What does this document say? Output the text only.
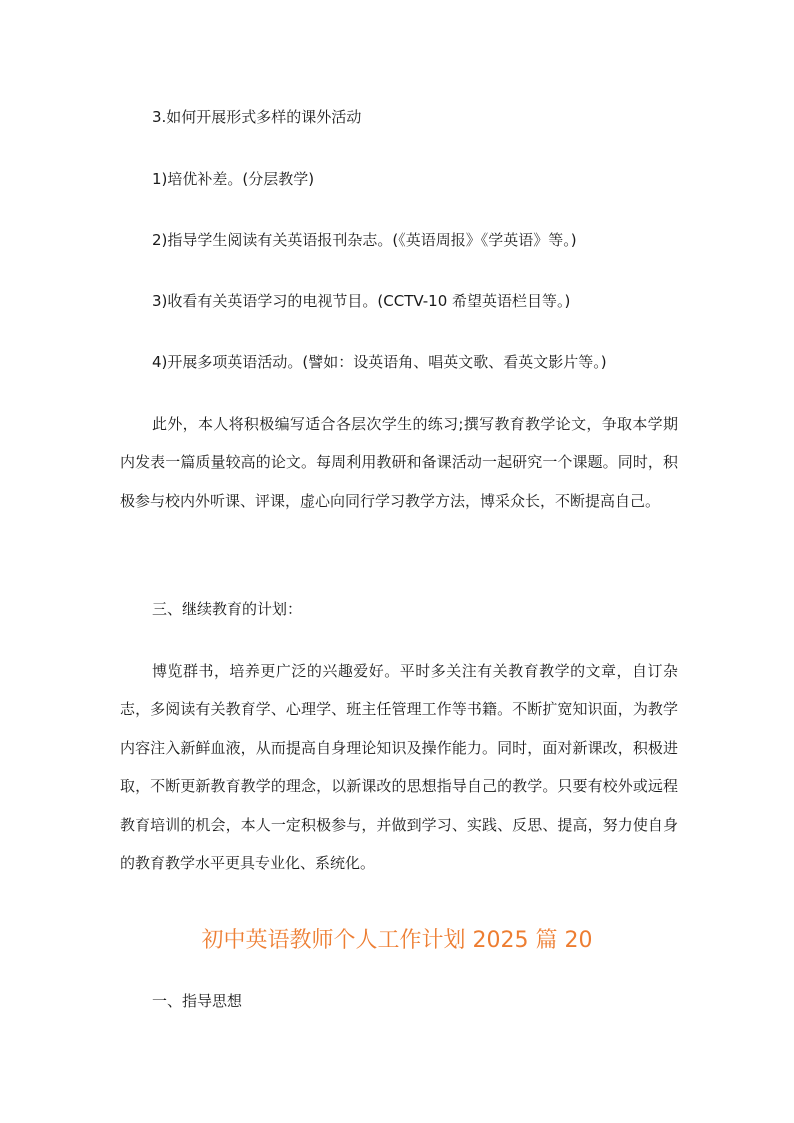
3.如何开展形式多样的课外活动
1)培优补差。(分层教学)
2)指导学生阅读有关英语报刊杂志。(《英语周报》《学英语》等。)
3)收看有关英语学习的电视节目。(CCTV-10 希望英语栏目等。)
4)开展多项英语活动。(譬如：设英语角、唱英文歌、看英文影片等。)
此外，本人将积极编写适合各层次学生的练习;撰写教育教学论文，争取本学期内发表一篇质量较高的论文。每周利用教研和备课活动一起研究一个课题。同时，积极参与校内外听课、评课，虚心向同行学习教学方法，博采众长，不断提高自己。
三、继续教育的计划：
博览群书，培养更广泛的兴趣爱好。平时多关注有关教育教学的文章，自订杂志，多阅读有关教育学、心理学、班主任管理工作等书籍。不断扩宽知识面，为教学内容注入新鲜血液，从而提高自身理论知识及操作能力。同时，面对新课改，积极进取，不断更新教育教学的理念，以新课改的思想指导自己的教学。只要有校外或远程教育培训的机会，本人一定积极参与，并做到学习、实践、反思、提高，努力使自身的教育教学水平更具专业化、系统化。
初中英语教师个人工作计划 2025 篇 20
一、指导思想
